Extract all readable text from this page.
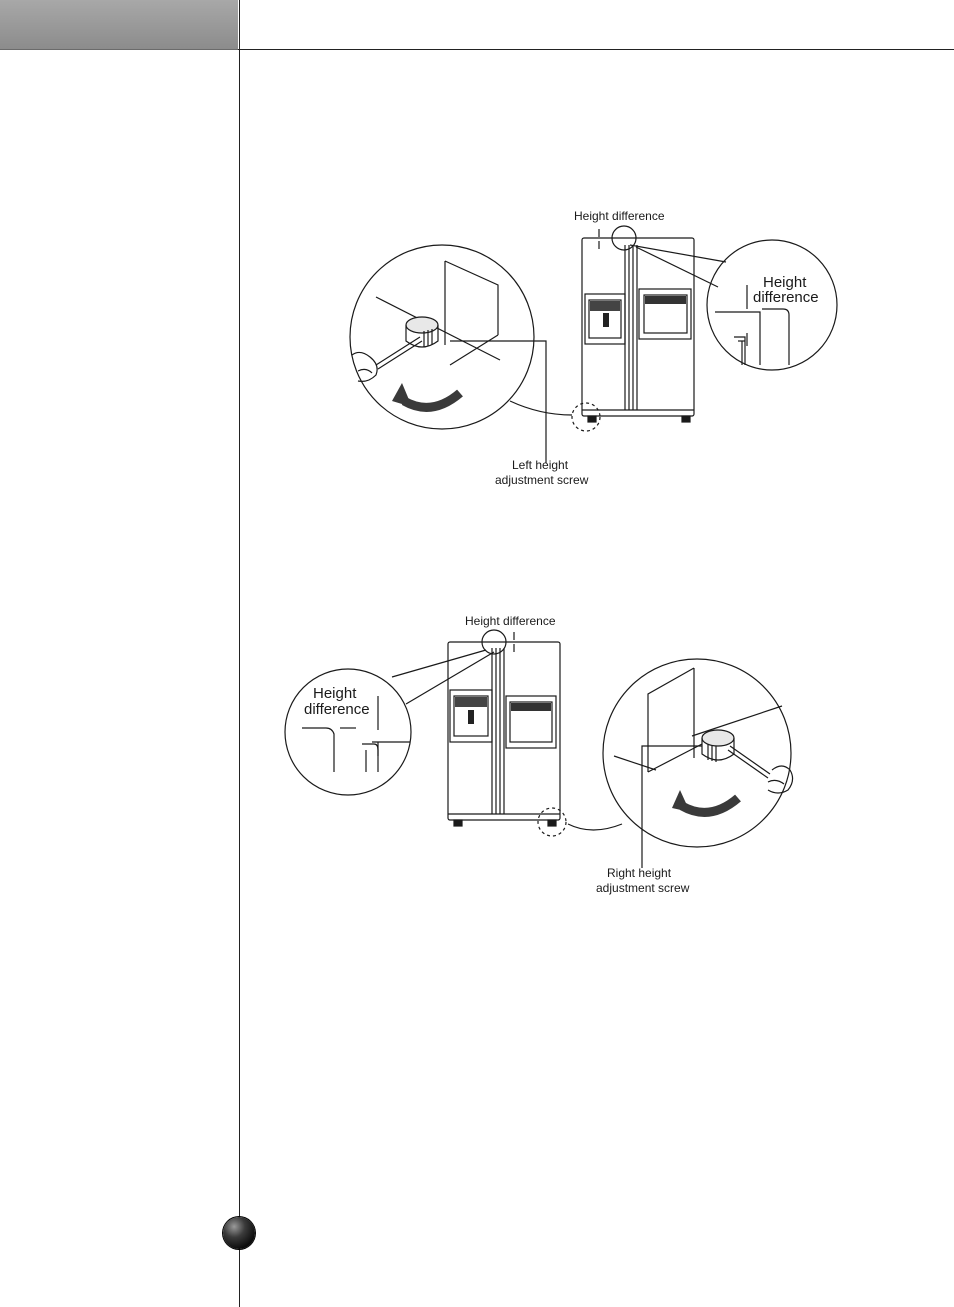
Height difference
Height
difference
Left height
adjustment screw
Height difference
Height
difference
Right height
adjustment screw
